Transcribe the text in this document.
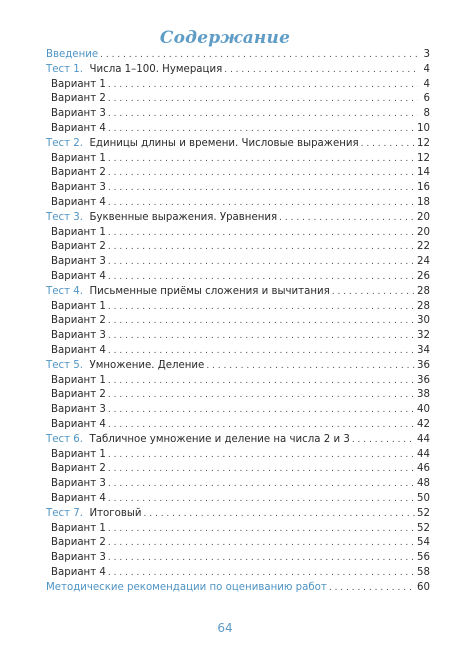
Содержание
Введение . . .	3
Тест 1. Числа 1–100. Нумерация . . .	4
Вариант 1 . . .	4
Вариант 2 . . .	6
Вариант 3 . . .	8
Вариант 4 . . .	10
Тест 2. Единицы длины и времени. Числовые выражения . . .	12
Вариант 1 . . .	12
Вариант 2 . . .	14
Вариант 3 . . .	16
Вариант 4 . . .	18
Тест 3. Буквенные выражения. Уравнения . . .	20
Вариант 1 . . .	20
Вариант 2 . . .	22
Вариант 3 . . .	24
Вариант 4 . . .	26
Тест 4. Письменные приёмы сложения и вычитания . . .	28
Вариант 1 . . .	28
Вариант 2 . . .	30
Вариант 3 . . .	32
Вариант 4 . . .	34
Тест 5. Умножение. Деление . . .	36
Вариант 1 . . .	36
Вариант 2 . . .	38
Вариант 3 . . .	40
Вариант 4 . . .	42
Тест 6. Табличное умножение и деление на числа 2 и 3 . . .	44
Вариант 1 . . .	44
Вариант 2 . . .	46
Вариант 3 . . .	48
Вариант 4 . . .	50
Тест 7. Итоговый . . .	52
Вариант 1 . . .	52
Вариант 2 . . .	54
Вариант 3 . . .	56
Вариант 4 . . .	58
Методические рекомендации по оцениванию работ . . .	60
64
